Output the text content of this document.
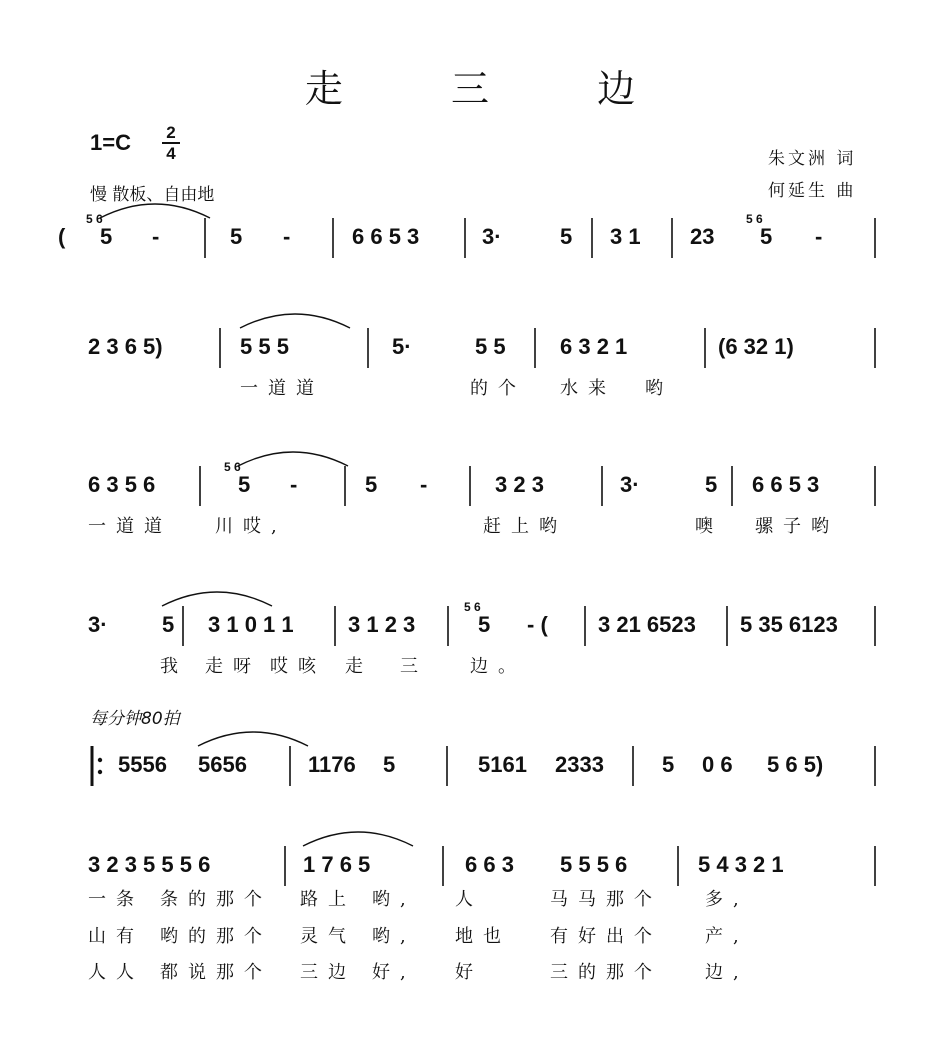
走 三 边
1=C 2
4
慢 散板、自由地
朱文洲 词
何延生 曲
每分钟80拍
( 5
5 6
-	5 -	6 6 5 3	3·	5 3 1 23 5
5 6
-
2 3 6 5)	5 5 5	5·	5 5 6 3 2 1	(6 32 1)
一道道	的个 水来 哟
6 3 5 6	5
5 6
-	5 -	3 2 3	3·	5 6 6 5 3
一道道 川哎,	赶上哟	噢 骡子哟
3· 5 3 1 0 1 1 3 1 2 3	5
5 6
- ( 3 21 6523 5 35 6123
我 走呀 哎咳 走 三 边。
5556 5656	1176 5	5161 2333	5 0 6 5 6 5)
3 2 3 5 5 5 6	1 7 6 5	6 6 3 5 5 5 6	5 4 3 2 1
一条 条的那个 路上 哟, 人	马马那个 多,
山有 哟的那个 灵气 哟, 地也 有好出个 产,
人人 都说那个 三边 好, 好	三的那个 边,
